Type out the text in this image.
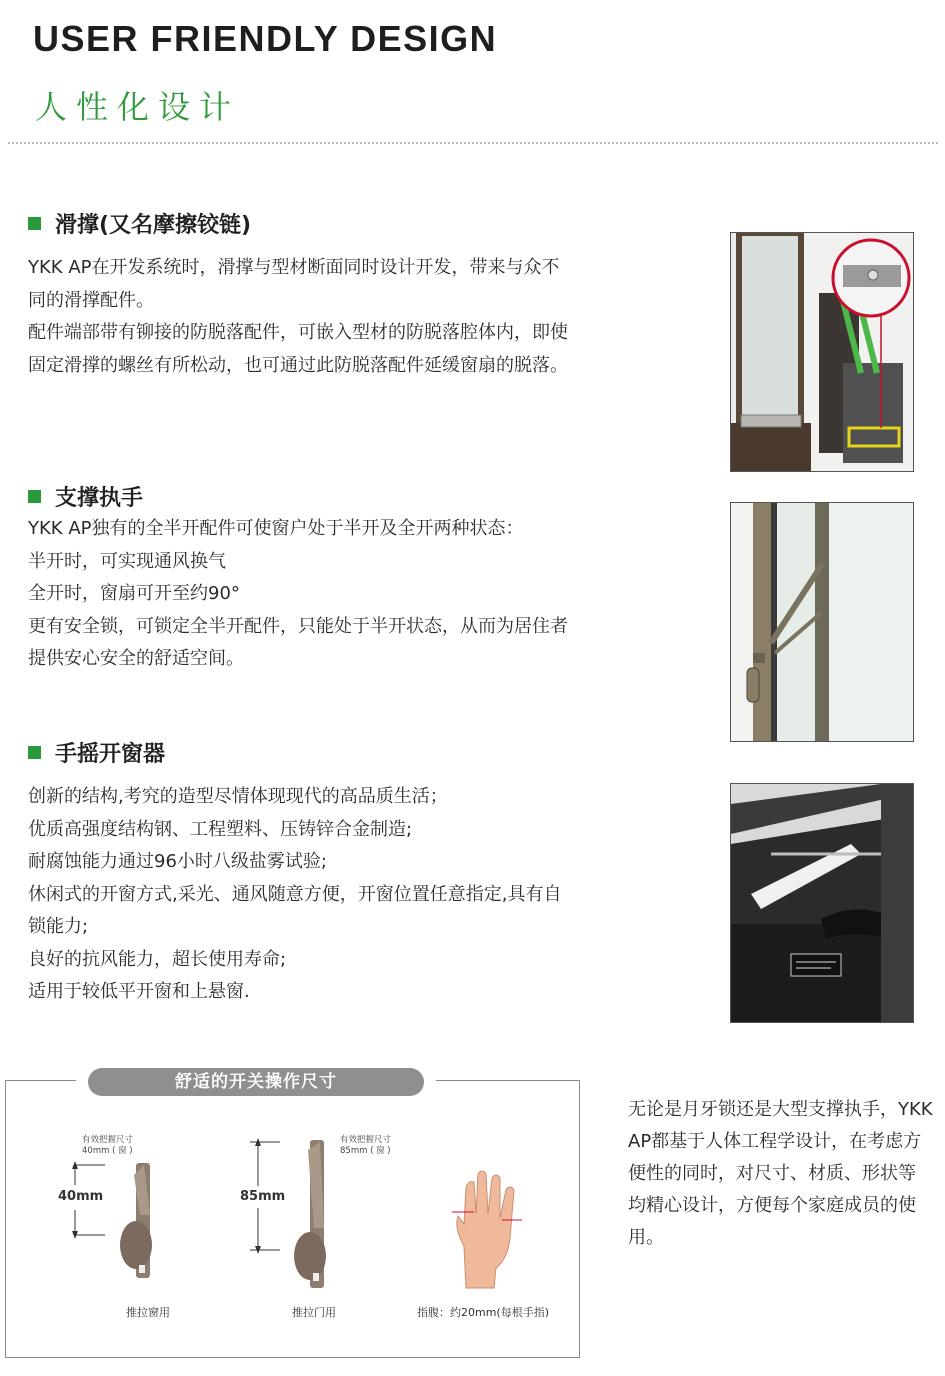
USER FRIENDLY DESIGN
人性化设计
滑撑(又名摩擦铰链)

YKK AP在开发系统时，滑撑与型材断面同时设计开发，带来与众不同的滑撑配件。

配件端部带有铆接的防脱落配件，可嵌入型材的防脱落腔体内，即使固定滑撑的螺丝有所松动，也可通过此防脱落配件延缓窗扇的脱落。

支撑执手

YKK AP独有的全半开配件可使窗户处于半开及全开两种状态：

半开时，可实现通风换气

全开时，窗扇可开至约90°

更有安全锁，可锁定全半开配件，只能处于半开状态，从而为居住者提供安心安全的舒适空间。

手摇开窗器

创新的结构,考究的造型尽情体现现代的高品质生活；

优质高强度结构钢、工程塑料、压铸锌合金制造;

耐腐蚀能力通过96小时八级盐雾试验;

休闲式的开窗方式,采光、通风随意方便，开窗位置任意指定,具有自锁能力;

良好的抗风能力，超长使用寿命;

适用于较低平开窗和上悬窗.

舒适的开关操作尺寸
有效把握尺寸
40mm ( 窗 )
40mm
推拉窗用
有效把握尺寸
85mm ( 窗 )
85mm
推拉门用	指腹：约20mm(每根手指)
无论是月牙锁还是大型支撑执手，YKK AP都基于人体工程学设计，在考虑方便性的同时，对尺寸、材质、形状等均精心设计，方便每个家庭成员的使用。
